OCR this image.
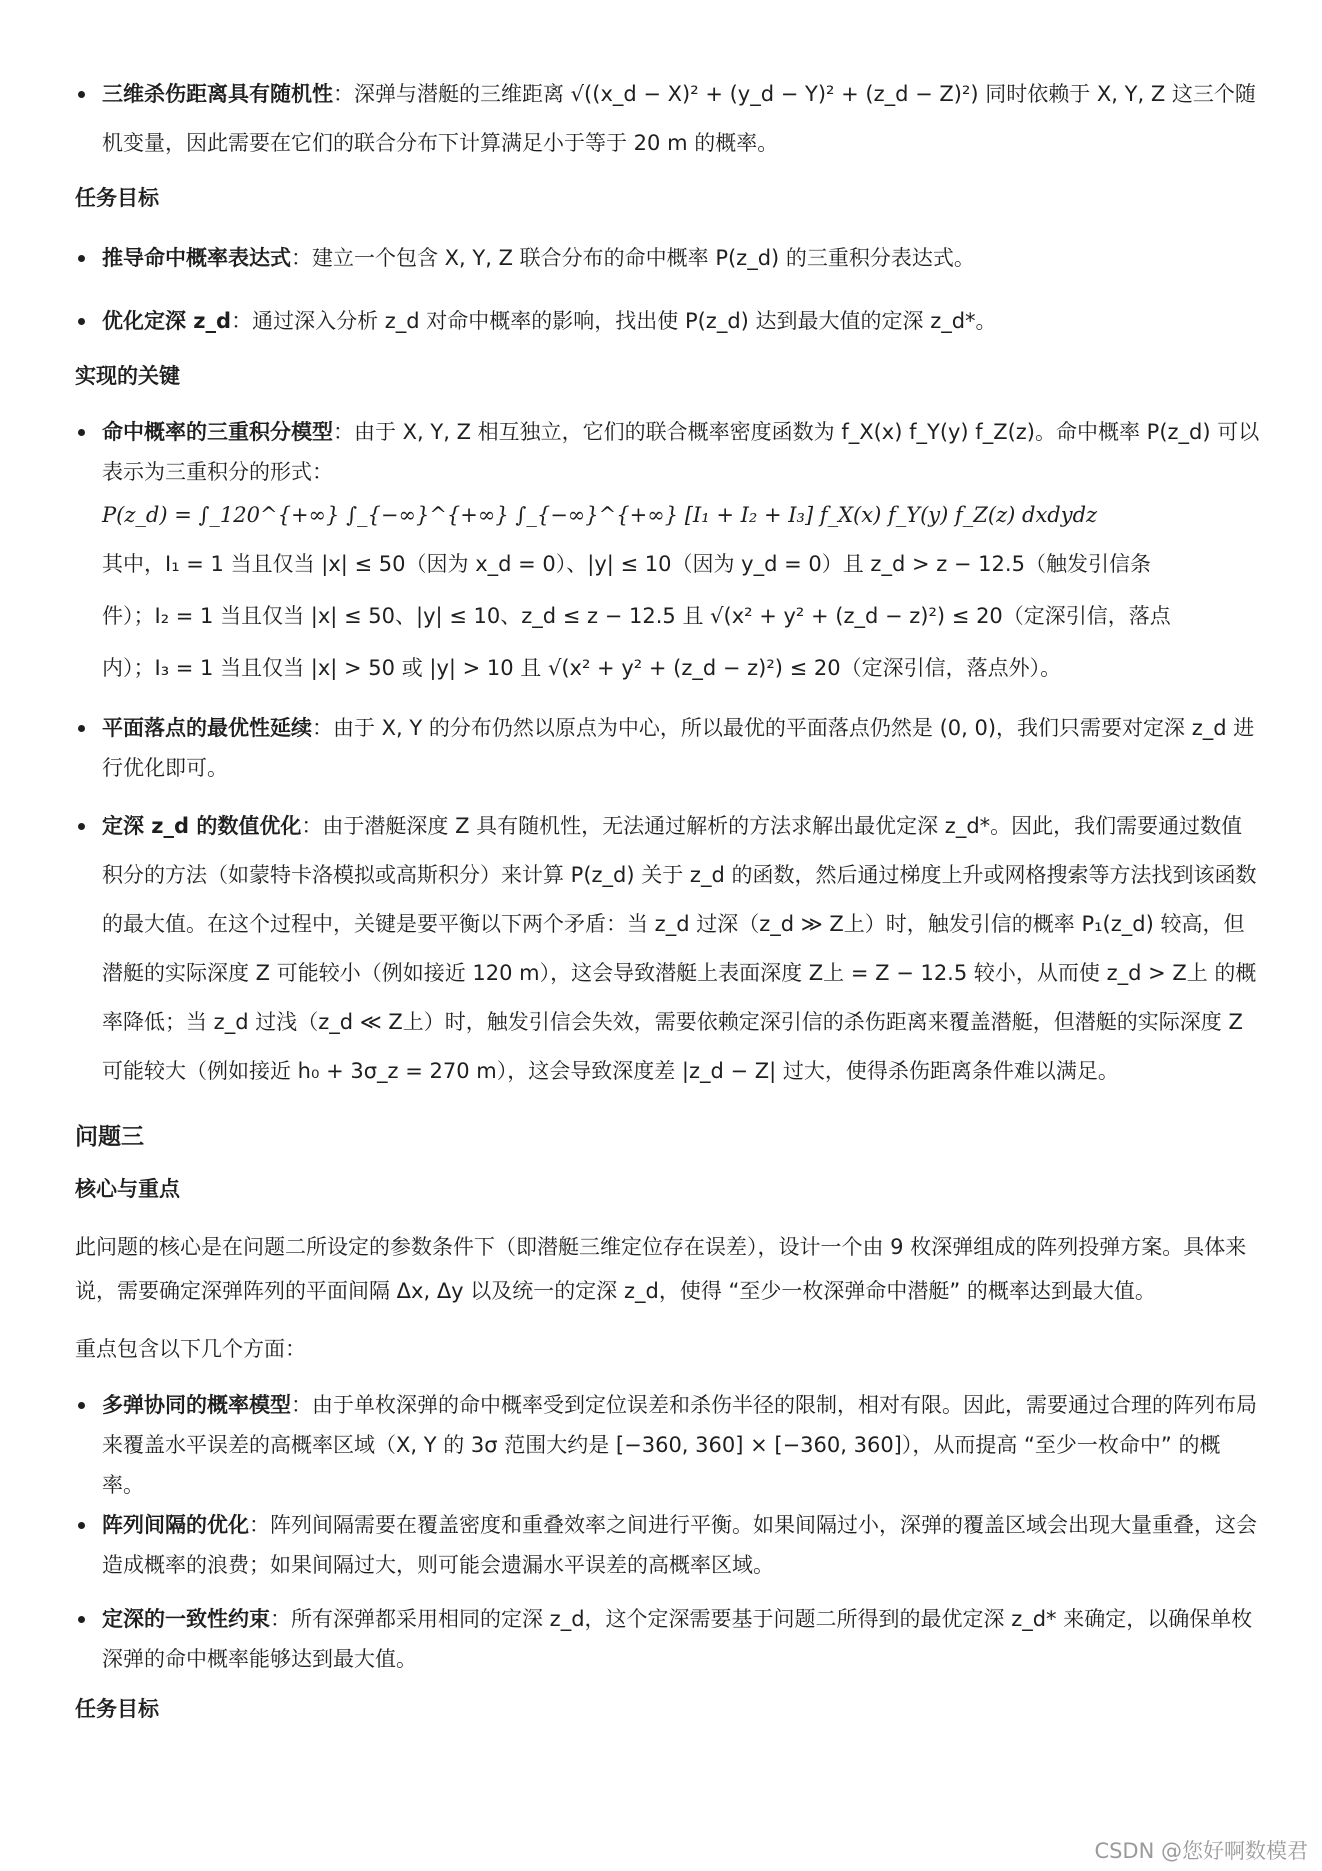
三维杀伤距离具有随机性：深弹与潜艇的三维距离 √((x_d − X)² + (y_d − Y)² + (z_d − Z)²) 同时依赖于 X, Y, Z 这三个随机变量，因此需要在它们的联合分布下计算满足小于等于 20 m 的概率。

任务目标

推导命中概率表达式：建立一个包含 X, Y, Z 联合分布的命中概率 P(z_d) 的三重积分表达式。

优化定深 z_d：通过深入分析 z_d 对命中概率的影响，找出使 P(z_d) 达到最大值的定深 z_d*。

实现的关键

命中概率的三重积分模型：由于 X, Y, Z 相互独立，它们的联合概率密度函数为 f_X(x) f_Y(y) f_Z(z)。命中概率 P(z_d) 可以表示为三重积分的形式：

P(z_d) = ∫_120^{+∞} ∫_{−∞}^{+∞} ∫_{−∞}^{+∞} [I₁ + I₂ + I₃] f_X(x) f_Y(y) f_Z(z) dxdydz

其中，I₁ = 1 当且仅当 |x| ≤ 50（因为 x_d = 0）、|y| ≤ 10（因为 y_d = 0）且 z_d > z − 12.5（触发引信条

件）；I₂ = 1 当且仅当 |x| ≤ 50、|y| ≤ 10、z_d ≤ z − 12.5 且 √(x² + y² + (z_d − z)²) ≤ 20（定深引信，落点

内）；I₃ = 1 当且仅当 |x| > 50 或 |y| > 10 且 √(x² + y² + (z_d − z)²) ≤ 20（定深引信，落点外）。

平面落点的最优性延续：由于 X, Y 的分布仍然以原点为中心，所以最优的平面落点仍然是 (0, 0)，我们只需要对定深 z_d 进行优化即可。

定深 z_d 的数值优化：由于潜艇深度 Z 具有随机性，无法通过解析的方法求解出最优定深 z_d*。因此，我们需要通过数值积分的方法（如蒙特卡洛模拟或高斯积分）来计算 P(z_d) 关于 z_d 的函数，然后通过梯度上升或网格搜索等方法找到该函数的最大值。在这个过程中，关键是要平衡以下两个矛盾：当 z_d 过深（z_d ≫ Z上）时，触发引信的概率 P₁(z_d) 较高，但潜艇的实际深度 Z 可能较小（例如接近 120 m），这会导致潜艇上表面深度 Z上 = Z − 12.5 较小，从而使 z_d > Z上 的概率降低；当 z_d 过浅（z_d ≪ Z上）时，触发引信会失效，需要依赖定深引信的杀伤距离来覆盖潜艇，但潜艇的实际深度 Z 可能较大（例如接近 h₀ + 3σ_z = 270 m），这会导致深度差 |z_d − Z| 过大，使得杀伤距离条件难以满足。

问题三

核心与重点

此问题的核心是在问题二所设定的参数条件下（即潜艇三维定位存在误差），设计一个由 9 枚深弹组成的阵列投弹方案。具体来说，需要确定深弹阵列的平面间隔 Δx, Δy 以及统一的定深 z_d，使得 “至少一枚深弹命中潜艇” 的概率达到最大值。

重点包含以下几个方面：

多弹协同的概率模型：由于单枚深弹的命中概率受到定位误差和杀伤半径的限制，相对有限。因此，需要通过合理的阵列布局来覆盖水平误差的高概率区域（X, Y 的 3σ 范围大约是 [−360, 360] × [−360, 360]），从而提高 “至少一枚命中” 的概率。

阵列间隔的优化：阵列间隔需要在覆盖密度和重叠效率之间进行平衡。如果间隔过小，深弹的覆盖区域会出现大量重叠，这会造成概率的浪费；如果间隔过大，则可能会遗漏水平误差的高概率区域。

定深的一致性约束：所有深弹都采用相同的定深 z_d，这个定深需要基于问题二所得到的最优定深 z_d* 来确定，以确保单枚深弹的命中概率能够达到最大值。

任务目标

CSDN @您好啊数模君
